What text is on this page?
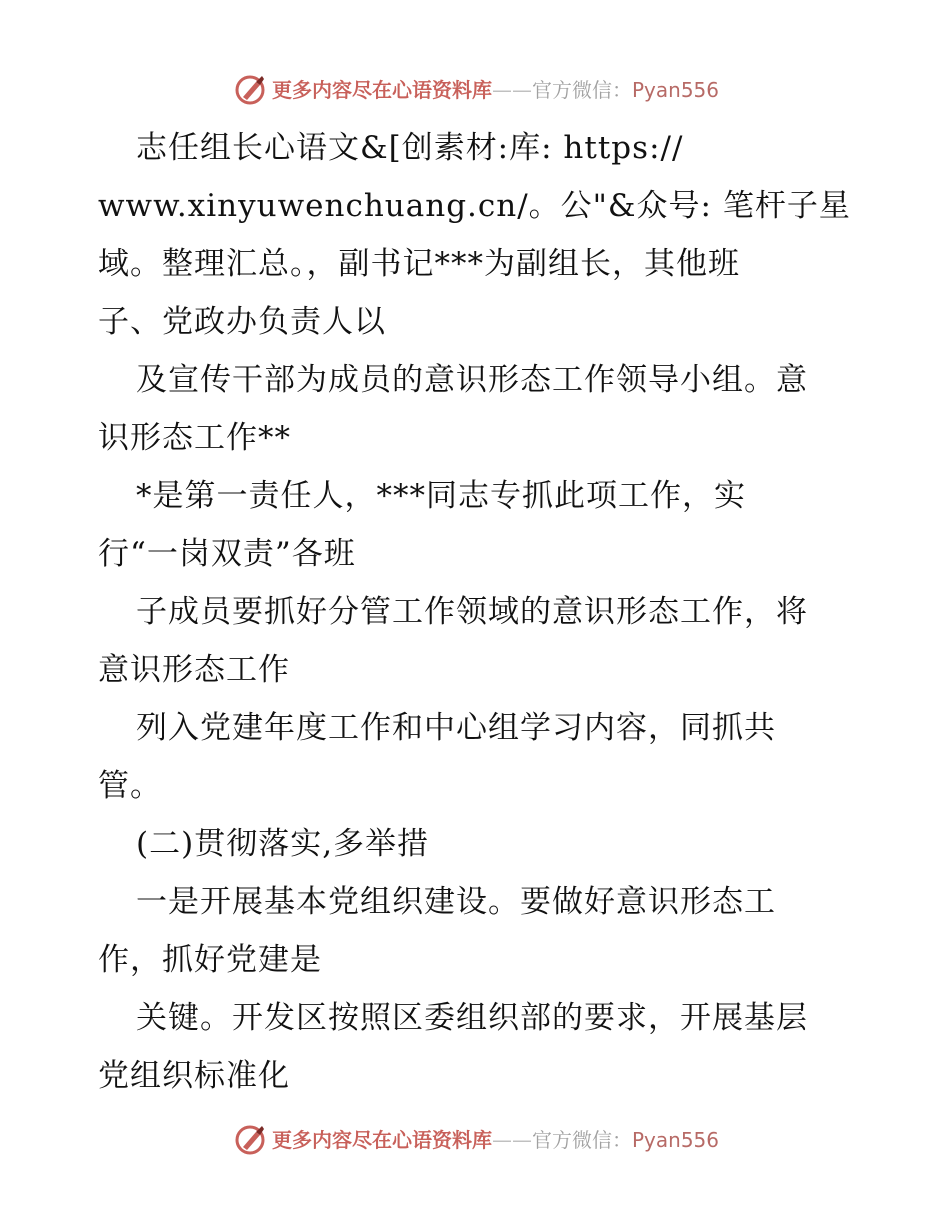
更多内容尽在心语资料库——官方微信：Pyan556
志任组长心语文&[创素材:库: https://
www.xinyuwenchuang.cn/。公"&众号: 笔杆子星
域。整理汇总。，副书记***为副组长，其他班
子、党政办负责人以
及宣传干部为成员的意识形态工作领导小组。意
识形态工作**
*是第一责任人，***同志专抓此项工作，实
行“一岗双责”各班
子成员要抓好分管工作领域的意识形态工作，将
意识形态工作
列入党建年度工作和中心组学习内容，同抓共
管。
(二)贯彻落实,多举措
一是开展基本党组织建设。要做好意识形态工
作，抓好党建是
关键。开发区按照区委组织部的要求，开展基层
党组织标准化
更多内容尽在心语资料库——官方微信：Pyan556
